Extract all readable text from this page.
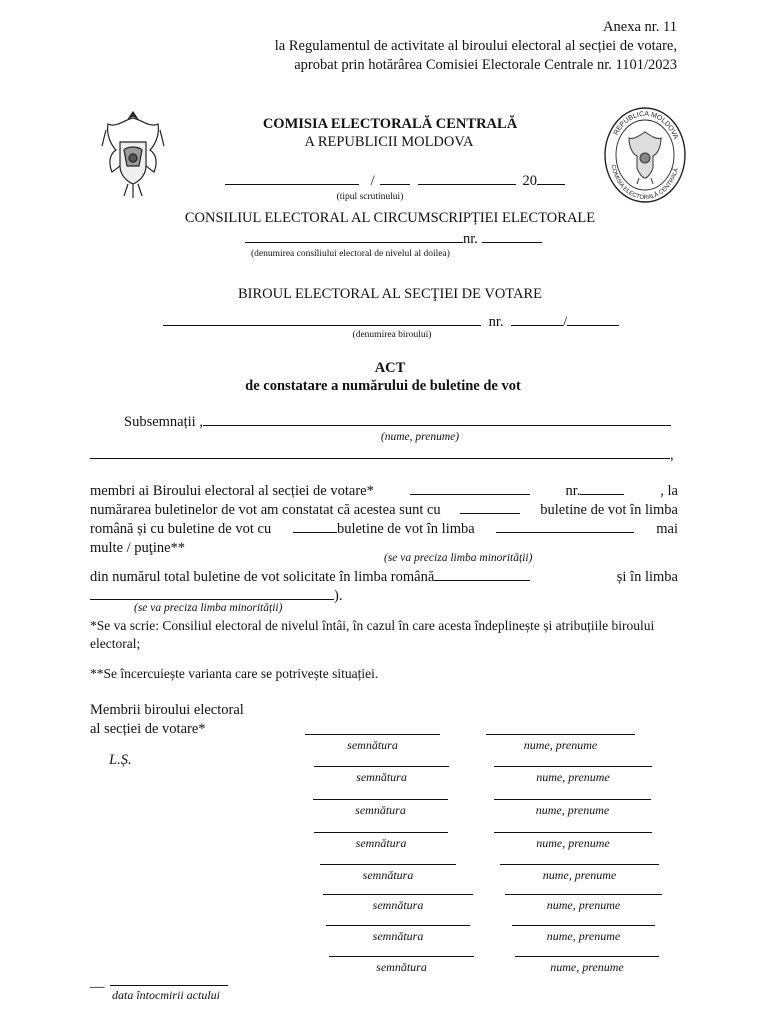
Anexa nr. 11
la Regulamentul de activitate al biroului electoral al secției de votare,
aprobat prin hotărârea Comisiei Electorale Centrale nr. 1101/2023
REPUBLICA MOLDOVA
COMISIA ELECTORALĂ CENTRALĂ
COMISIA ELECTORALĂ CENTRALĂ
A REPUBLICII MOLDOVA
/	20
(tipul scrutinului)
CONSILIUL ELECTORAL AL CIRCUMSCRIPȚIEI ELECTORALE
nr.
(denumirea consiliului electoral de nivelul al doilea)
BIROUL ELECTORAL AL SECŢIEI DE VOTARE
nr.	/
(denumirea biroului)
ACT
de constatare a numărului de buletine de vot
Subsemnații ,
(nume, prenume)
,
membri ai Biroului electoral al secției de votare*	nr.	, la
numărarea buletinelor de vot am constatat că acestea sunt cu	buletine de vot în limba
română și cu buletine de vot cu	buletine de vot în limba	mai
multe / puţine**
(se va preciza limba minorității)
din numărul total buletine de vot solicitate în limba română	și în limba
).
(se va preciza limba minorității)
*Se va scrie: Consiliul electoral de nivelul întâi, în cazul în care acesta îndeplinește și atribuțiile biroului electoral;
**Se încercuiește varianta care se potrivește situației.
Membrii biroului electoral
al secției de votare*
L.Ș.
semnătura	nume, prenume
semnătura	nume, prenume
semnătura	nume, prenume
semnătura	nume, prenume
semnătura	nume, prenume
semnătura	nume, prenume
semnătura	nume, prenume
semnătura	nume, prenume
__
data întocmirii actului
